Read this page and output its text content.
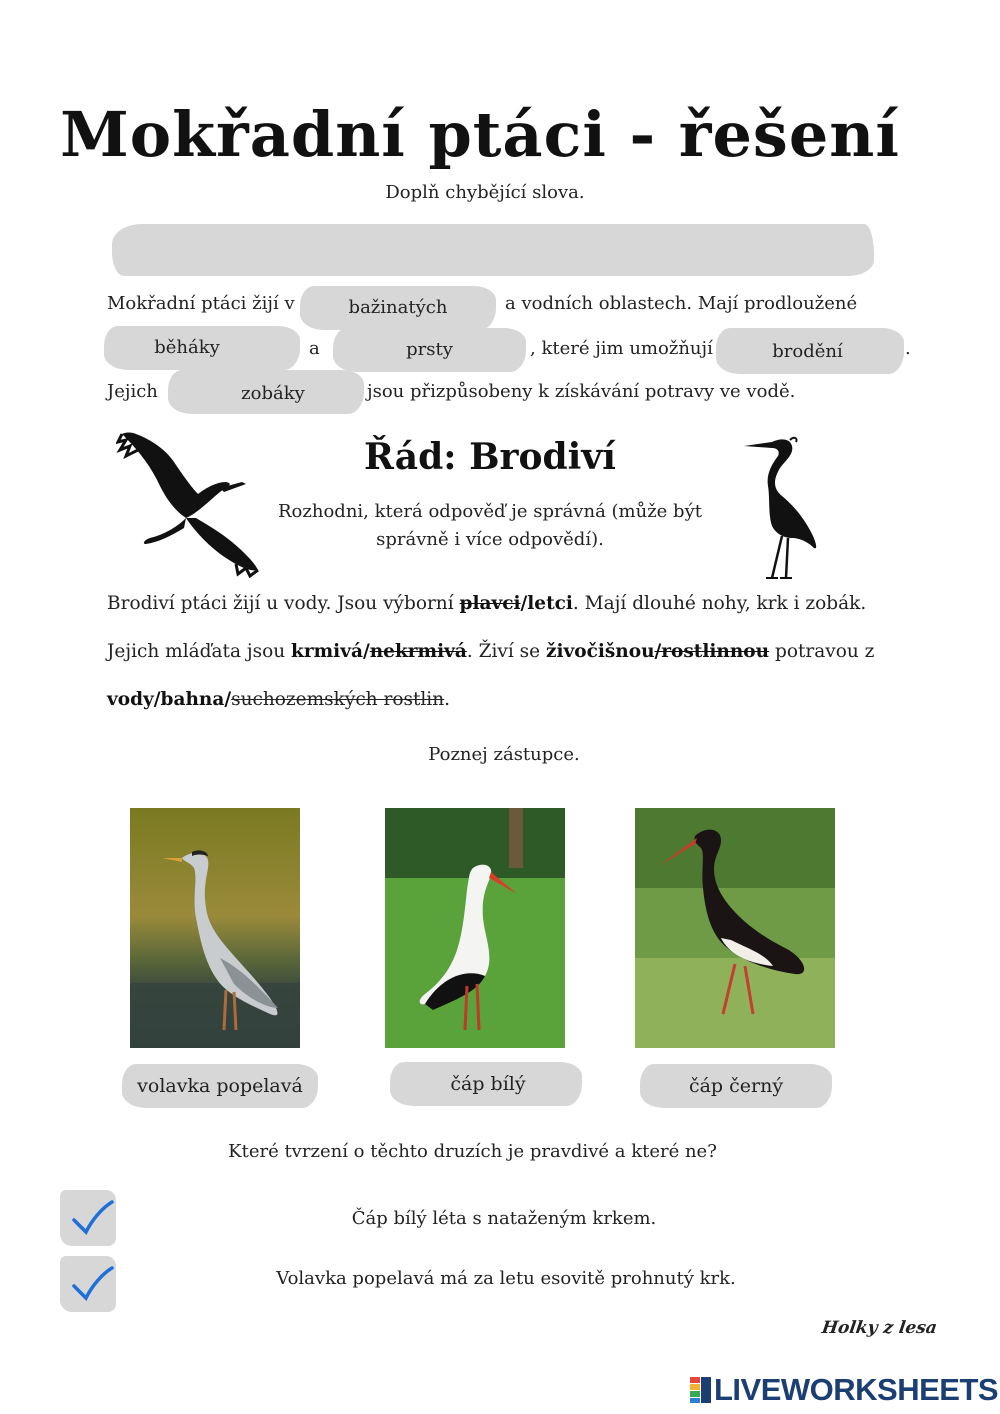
Mokřadní ptáci - řešení
Doplň chybějící slova.
Mokřadní ptáci žijí v	bažinatých	a vodních oblastech. Mají prodloužené
běháky	a	prsty	, které jim umožňují	brodění	.
Jejich	zobáky	jsou přizpůsobeny k získávání potravy ve vodě.
Řád: Brodiví
Rozhodni, která odpověď je správná (může být
správně i více odpovědí).
Brodiví ptáci žijí u vody. Jsou výborní plavci/letci. Mají dlouhé nohy, krk i zobák.
Jejich mláďata jsou krmivá/nekrmivá. Živí se živočišnou/rostlinnou potravou z
vody/bahna/suchozemských rostlin.
Poznej zástupce.
volavka popelavá	čáp bílý	čáp černý
Které tvrzení o těchto druzích je pravdivé a které ne?
Čáp bílý léta s nataženým krkem.
Volavka popelavá má za letu esovitě prohnutý krk.
Holky z lesa
LIVEWORKSHEETS
